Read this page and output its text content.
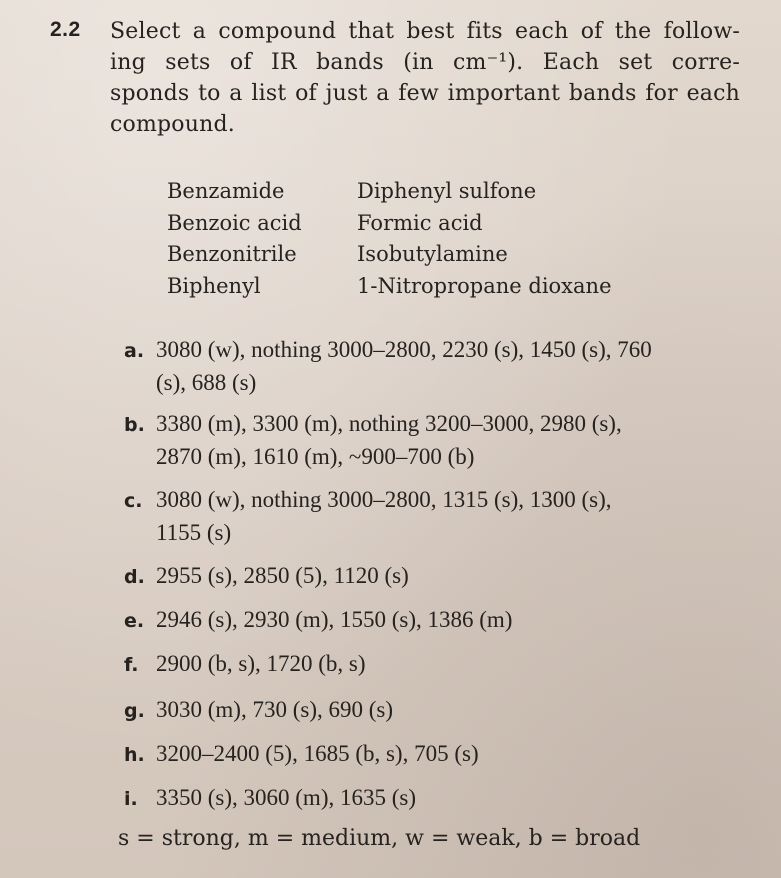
2.2 Select a compound that best fits each of the follow-
ing sets of IR bands (in cm⁻¹). Each set corre-
sponds to a list of just a few important bands for each
compound.
Benzamide
Benzoic acid
Benzonitrile
Biphenyl
Diphenyl sulfone
Formic acid
Isobutylamine
1-Nitropropane dioxane
a. 3080 (w), nothing 3000–2800, 2230 (s), 1450 (s), 760
(s), 688 (s)
b. 3380 (m), 3300 (m), nothing 3200–3000, 2980 (s),
2870 (m), 1610 (m), ~900–700 (b)
c. 3080 (w), nothing 3000–2800, 1315 (s), 1300 (s),
1155 (s)
d. 2955 (s), 2850 (5), 1120 (s)
e. 2946 (s), 2930 (m), 1550 (s), 1386 (m)
f. 2900 (b, s), 1720 (b, s)
g. 3030 (m), 730 (s), 690 (s)
h. 3200–2400 (5), 1685 (b, s), 705 (s)
i. 3350 (s), 3060 (m), 1635 (s)
s = strong, m = medium, w = weak, b = broad
